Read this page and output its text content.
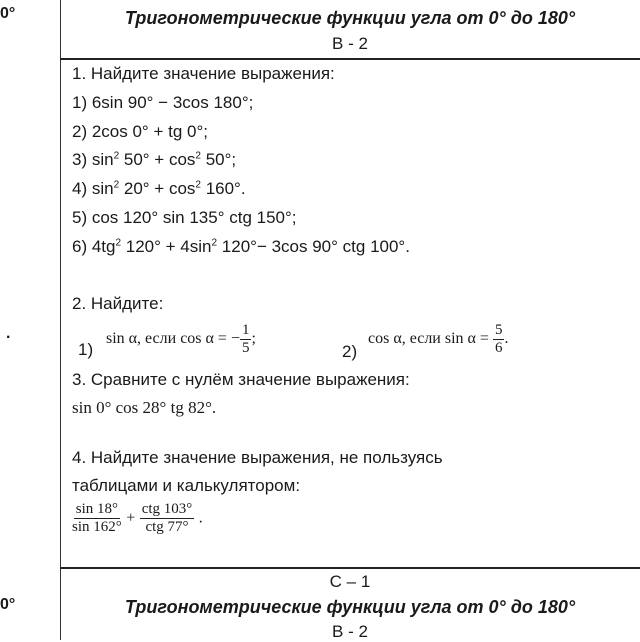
0°
.
0°
Тригонометрические функции угла от 0° до 180°
В - 2
1. Найдите значение выражения:
1) 6sin 90° − 3cos 180°;
2) 2cos 0° + tg 0°;
3) $\sin^2 50^\circ + \cos^2 50^\circ$;
4) $\sin^2 20^\circ + \cos^2 160^\circ$.
5) cos 120° sin 135° ctg 150°;
6) $4tg^2$ $120^\circ + 4\sin^2$ 120°− 3cos 90° ctg 100°.
2. Найдите:
1)
sin α, если cos α = − $\frac{1}{5}$ ;
2)
cos α, если $\sin \alpha = \frac{5}{6}$ .
3. Сравните с нулём значение выражения:
sin 0° cos 28° tg 82°.
4. Найдите значение выражения, не пользуясь
таблицами и калькулятором:
$\frac{\sin 18^\circ}{\sin 162^\circ} + \frac{\text{ctg 103°}}{\text{ctg 77°}}$ .
С – 1
Тригонометрические функции угла от 0° до 180°
В - 2
